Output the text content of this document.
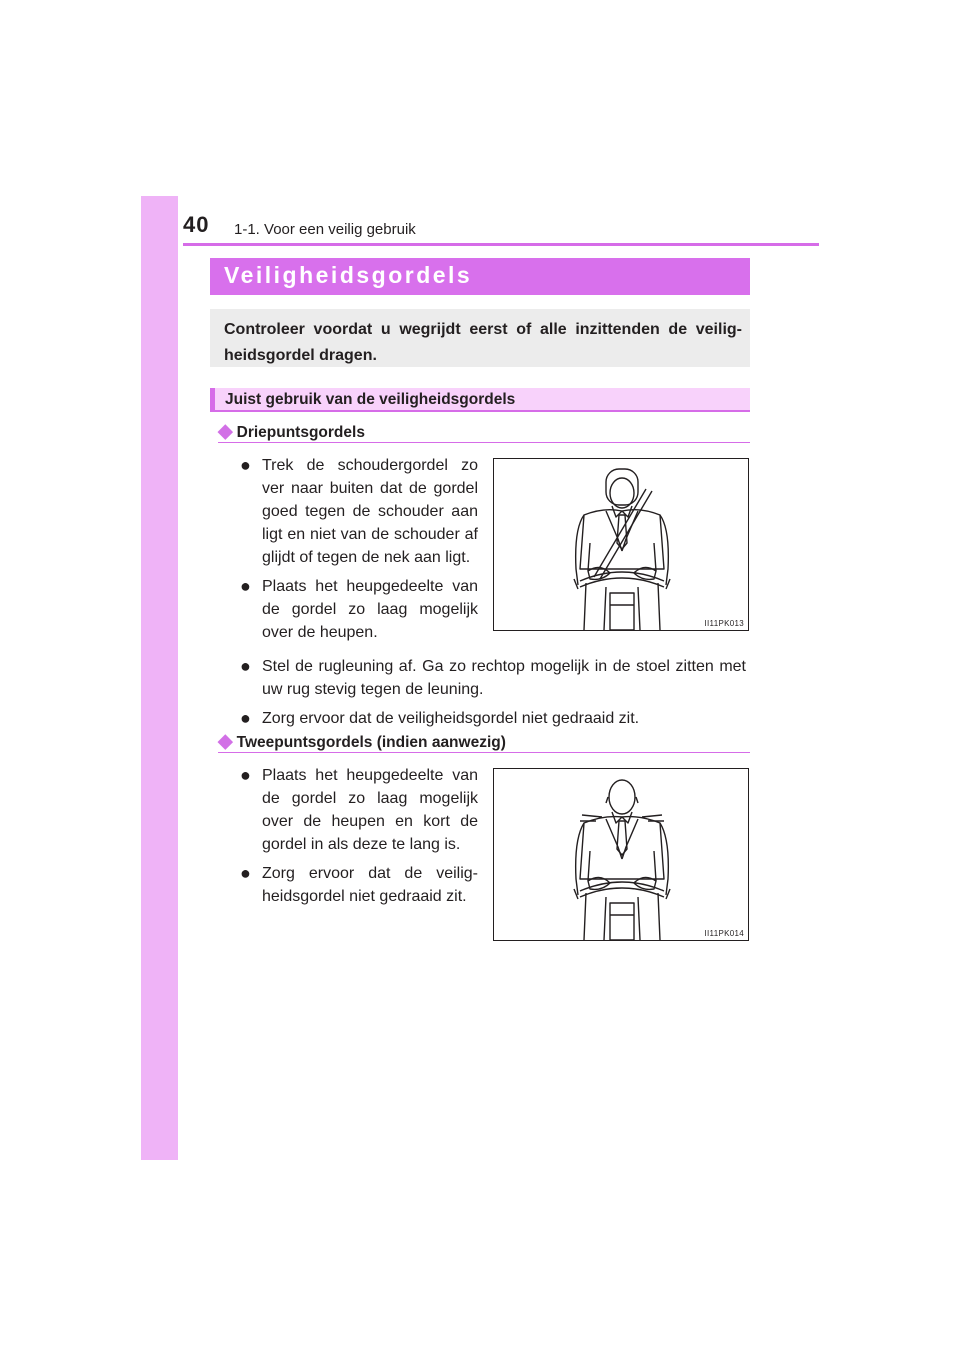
40 1-1. Voor een veilig gebruik
Veiligheidsgordels
Controleer voordat u wegrijdt eerst of alle inzittenden de veilig-heidsgordel dragen.
Juist gebruik van de veiligheidsgordels
◆ Driepuntsgordels
● Trek de schoudergordel zo ver naar buiten dat de gordel goed tegen de schouder aan ligt en niet van de schouder af glijdt of tegen de nek aan ligt.
● Plaats het heupgedeelte van de gordel zo laag mogelijk over de heupen.
II11PK013
● Stel de rugleuning af. Ga zo rechtop mogelijk in de stoel zitten met uw rug stevig tegen de leuning.
● Zorg ervoor dat de veiligheidsgordel niet gedraaid zit.
◆ Tweepuntsgordels (indien aanwezig)
● Plaats het heupgedeelte van de gordel zo laag mogelijk over de heupen en kort de gordel in als deze te lang is.
● Zorg ervoor dat de veilig-heidsgordel niet gedraaid zit.
II11PK014
